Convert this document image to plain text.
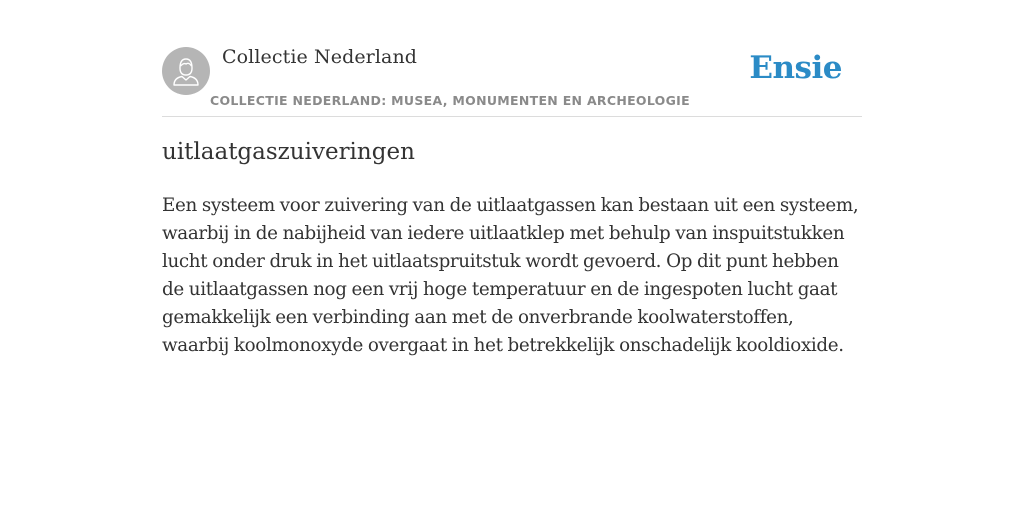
Collectie Nederland
COLLECTIE NEDERLAND: MUSEA, MONUMENTEN EN ARCHEOLOGIE
Ensie
uitlaatgaszuiveringen

Een systeem voor zuivering van de uitlaatgassen kan bestaan uit een systeem, waarbij in de nabijheid van iedere uitlaatklep met behulp van inspuitstukken lucht onder druk in het uitlaatspruitstuk wordt gevoerd. Op dit punt hebben de uitlaatgassen nog een vrij hoge temperatuur en de ingespoten lucht gaat gemakkelijk een verbinding aan met de onverbrande koolwaterstoffen, waarbij koolmonoxyde overgaat in het betrekkelijk onschadelijk kooldioxide.
